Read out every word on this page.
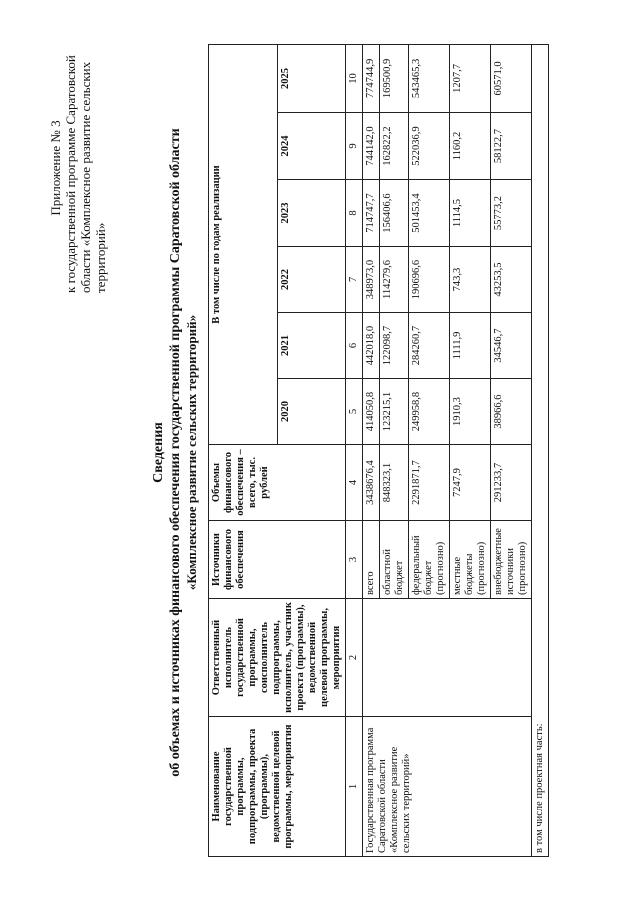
Приложение № 3 к государственной программе Саратовской области «Комплексное развитие сельских территорий»
Сведения об объемах и источниках финансового обеспечения государственной программы Саратовской области «Комплексное развитие сельских территорий»
Наименование государственной программы, подпрограммы, проекта (программы), ведомственной целевой программы, мероприятия	Ответственный исполнитель государственной программы, соисполнитель подпрограммы, исполнитель, участник проекта (программы), ведомственной целевой программы, мероприятия	Источники финансового обеспечения	Объемы финансового обеспечения – всего, тыс. рублей	В том числе по годам реализации					
				2020	2021	2022	2023	2024	2025
1	2	3	4	5	6	7	8	9	10
Государственная программа Саратовской области «Комплексное развитие сельских территорий»		всего	3438676,4	414050,8	442018,0	348973,0	714747,7	744142,0	774744,9
		областной бюджет	848323,1	123215,1	122098,7	114279,6	156406,6	162822,2	169500,9
		федеральный бюджет (прогнозно)	2291871,7	249958,8	284260,7	190696,6	501453,4	522036,9	543465,3
		местные бюджеты (прогнозно)	7247,9	1910,3	1111,9	743,3	1114,5	1160,2	1207,7
		внебюджетные источники (прогнозно)	291233,7	38966,6	34546,7	43253,5	55773,2	58122,7	60571,0
в том числе проектная часть:									
